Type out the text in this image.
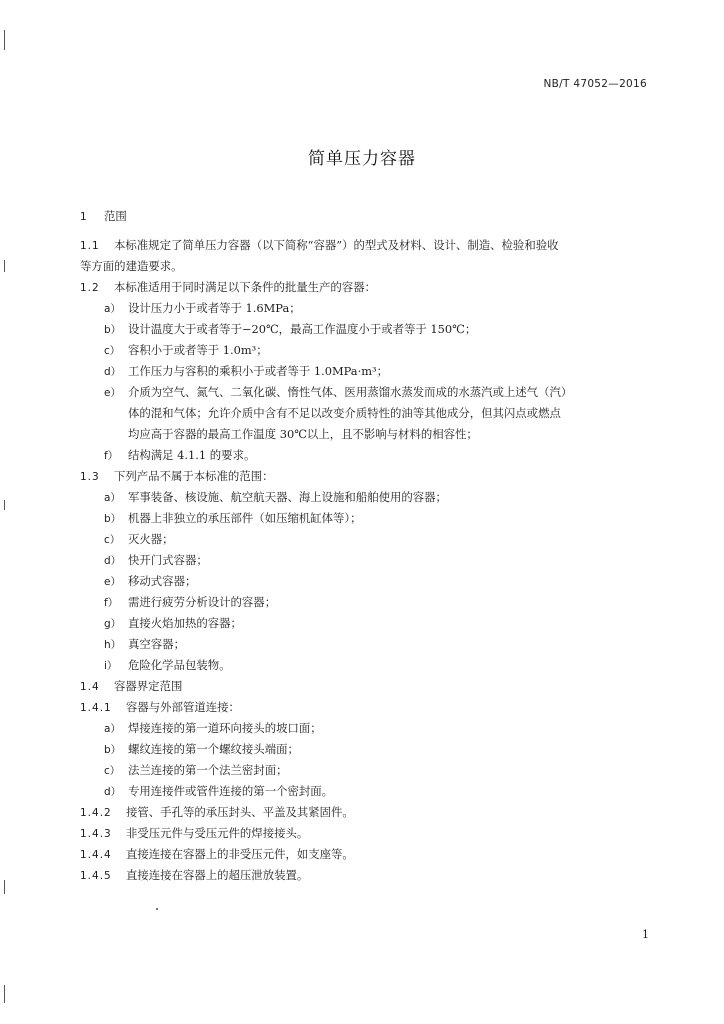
NB/T 47052—2016
简单压力容器
1 范围
1.1 本标准规定了简单压力容器（以下简称“容器”）的型式及材料、设计、制造、检验和验收
等方面的建造要求。
1.2 本标准适用于同时满足以下条件的批量生产的容器：
a） 设计压力小于或者等于 1.6MPa；
b） 设计温度大于或者等于−20℃，最高工作温度小于或者等于 150℃；
c） 容积小于或者等于 1.0m³；
d） 工作压力与容积的乘积小于或者等于 1.0MPa·m³；
e） 介质为空气、氮气、二氧化碳、惰性气体、医用蒸馏水蒸发而成的水蒸汽或上述气（汽）
体的混和气体；允许介质中含有不足以改变介质特性的油等其他成分，但其闪点或燃点
均应高于容器的最高工作温度 30℃以上，且不影响与材料的相容性；
f） 结构满足 4.1.1 的要求。
1.3 下列产品不属于本标准的范围：
a） 军事装备、核设施、航空航天器、海上设施和船舶使用的容器；
b） 机器上非独立的承压部件（如压缩机缸体等）；
c） 灭火器；
d） 快开门式容器；
e） 移动式容器；
f） 需进行疲劳分析设计的容器；
g） 直接火焰加热的容器；
h） 真空容器；
i） 危险化学品包装物。
1.4 容器界定范围
1.4.1 容器与外部管道连接：
a） 焊接连接的第一道环向接头的坡口面；
b） 螺纹连接的第一个螺纹接头端面；
c） 法兰连接的第一个法兰密封面；
d） 专用连接件或管件连接的第一个密封面。
1.4.2 接管、手孔等的承压封头、平盖及其紧固件。
1.4.3 非受压元件与受压元件的焊接接头。
1.4.4 直接连接在容器上的非受压元件，如支座等。
1.4.5 直接连接在容器上的超压泄放装置。
1
